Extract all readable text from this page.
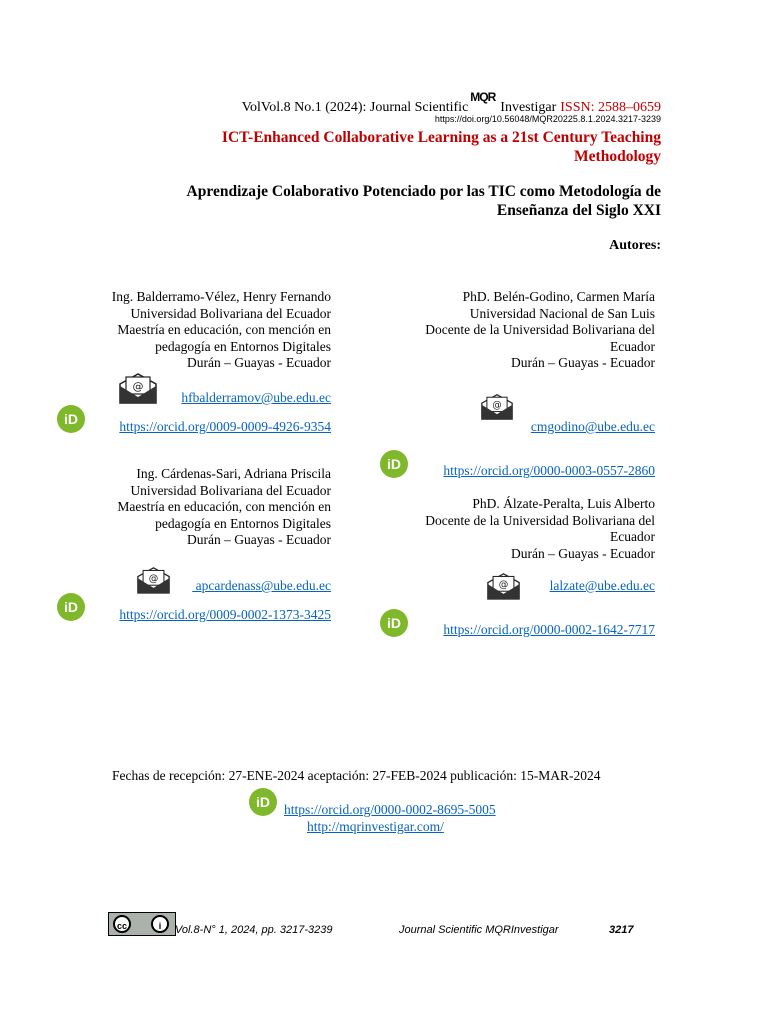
VolVol.8 No.1 (2024): Journal Scientific
MQR
Investigar ISSN: 2588–0659
https://doi.org/10.56048/MQR20225.8.1.2024.3217-3239
ICT-Enhanced Collaborative Learning as a 21st Century Teaching
Methodology
Aprendizaje Colaborativo Potenciado por las TIC como Metodología de
Enseñanza del Siglo XXI
Autores:
Ing. Balderramo-Vélez, Henry Fernando
Universidad Bolivariana del Ecuador
Maestría en educación, con mención en
pedagogía en Entornos Digitales
Durán – Guayas - Ecuador
@
hfbalderramov@ube.edu.ec
iD	https://orcid.org/0009-0009-4926-9354
PhD. Belén-Godino, Carmen María
Universidad Nacional de San Luis
Docente de la Universidad Bolivariana del
Ecuador
Durán – Guayas - Ecuador
@
cmgodino@ube.edu.ec
iD	https://orcid.org/0000-0003-0557-2860
Ing. Cárdenas-Sari, Adriana Priscila
Universidad Bolivariana del Ecuador
Maestría en educación, con mención en
pedagogía en Entornos Digitales
Durán – Guayas - Ecuador
@	apcardenass@ube.edu.ec
iD	https://orcid.org/0009-0002-1373-3425
PhD. Álzate-Peralta, Luis Alberto
Docente de la Universidad Bolivariana del
Ecuador
Durán – Guayas - Ecuador
@	lalzate@ube.edu.ec
iD	https://orcid.org/0000-0002-1642-7717
Fechas de recepción: 27-ENE-2024 aceptación: 27-FEB-2024 publicación: 15-MAR-2024
iD	https://orcid.org/0000-0002-8695-5005
http://mqrinvestigar.com/
cc	i	Vol.8-N° 1, 2024, pp. 3217-3239	Journal Scientific MQRInvestigar	3217
